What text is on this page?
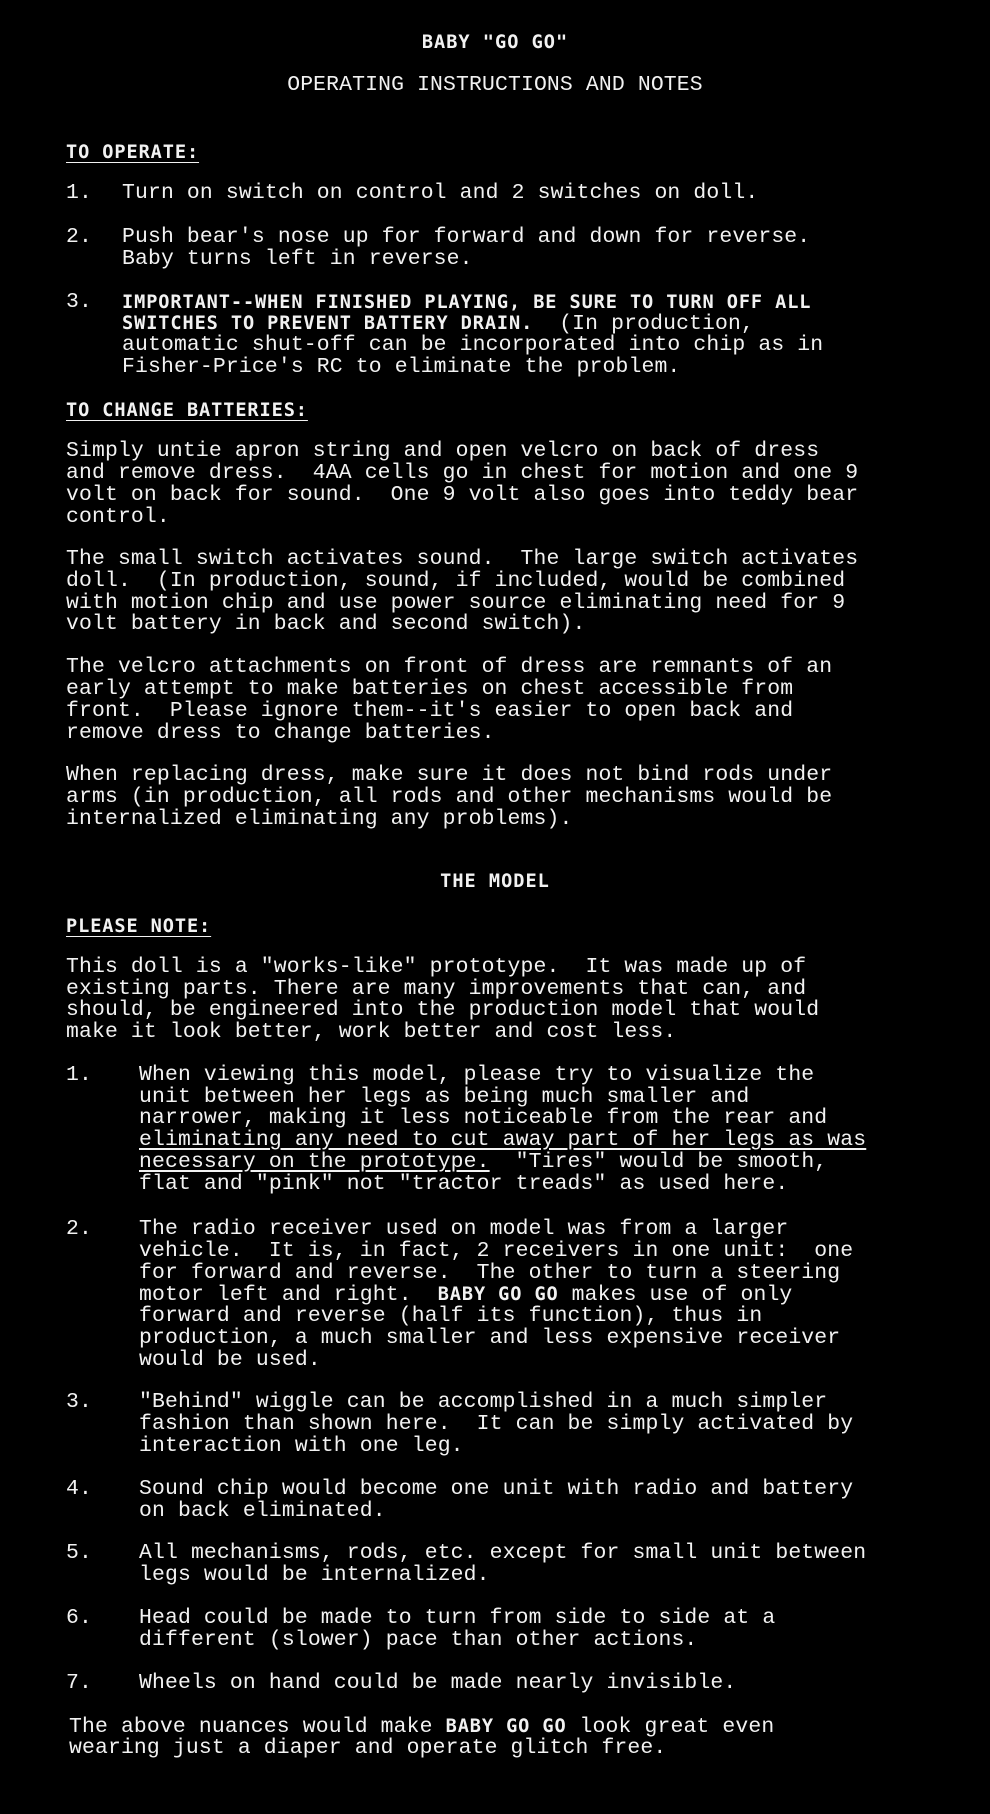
BABY "GO GO"
OPERATING INSTRUCTIONS AND NOTES
TO OPERATE:
1. Turn on switch on control and 2 switches on doll.
2. Push bear's nose up for forward and down for reverse.
Baby turns left in reverse.
3. IMPORTANT--WHEN FINISHED PLAYING, BE SURE TO TURN OFF ALL
SWITCHES TO PREVENT BATTERY DRAIN.  (In production,
automatic shut-off can be incorporated into chip as in
Fisher-Price's RC to eliminate the problem.
TO CHANGE BATTERIES:
Simply untie apron string and open velcro on back of dress
and remove dress.  4AA cells go in chest for motion and one 9
volt on back for sound.  One 9 volt also goes into teddy bear
control.
The small switch activates sound.  The large switch activates
doll.  (In production, sound, if included, would be combined
with motion chip and use power source eliminating need for 9
volt battery in back and second switch).
The velcro attachments on front of dress are remnants of an
early attempt to make batteries on chest accessible from
front.  Please ignore them--it's easier to open back and
remove dress to change batteries.
When replacing dress, make sure it does not bind rods under
arms (in production, all rods and other mechanisms would be
internalized eliminating any problems).
THE MODEL
PLEASE NOTE:
This doll is a "works-like" prototype.  It was made up of
existing parts. There are many improvements that can, and
should, be engineered into the production model that would
make it look better, work better and cost less.
1. When viewing this model, please try to visualize the
unit between her legs as being much smaller and
narrower, making it less noticeable from the rear and
eliminating any need to cut away part of her legs as was
necessary on the prototype.  "Tires" would be smooth,
flat and "pink" not "tractor treads" as used here.
2. The radio receiver used on model was from a larger
vehicle.  It is, in fact, 2 receivers in one unit:  one
for forward and reverse.  The other to turn a steering
motor left and right.  BABY GO GO makes use of only
forward and reverse (half its function), thus in
production, a much smaller and less expensive receiver
would be used.
3. "Behind" wiggle can be accomplished in a much simpler
fashion than shown here.  It can be simply activated by
interaction with one leg.
4. Sound chip would become one unit with radio and battery
on back eliminated.
5. All mechanisms, rods, etc. except for small unit between
legs would be internalized.
6. Head could be made to turn from side to side at a
different (slower) pace than other actions.
7. Wheels on hand could be made nearly invisible.
The above nuances would make BABY GO GO look great even
wearing just a diaper and operate glitch free.
